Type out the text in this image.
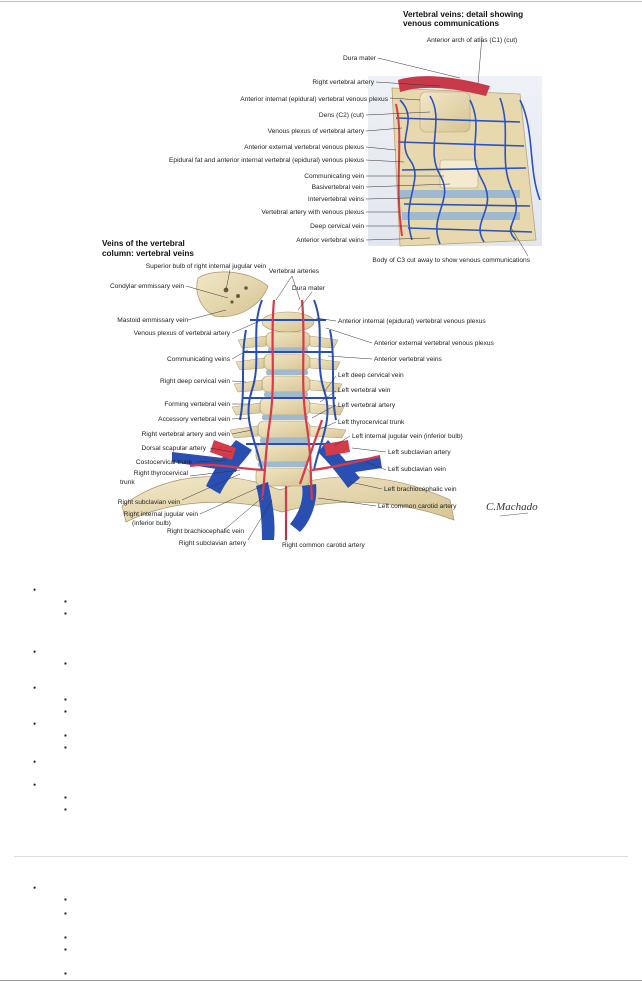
Vertebral veins: detail showing
venous communications
Anterior arch of atlas (C1) (cut)
Dura mater
Right vertebral artery
Anterior internal (epidural) vertebral venous plexus
Dens (C2) (cut)
Venous plexus of vertebral artery
Anterior external vertebral venous plexus
Epidural fat and anterior internal vertebral (epidural) venous plexus
Communicating vein
Basivertebral vein
Intervertebral veins
Vertebral artery with venous plexus
Deep cervical vein
Anterior vertebral veins
Body of C3 cut away to show venous communications
Veins of the vertebral
column: vertebral veins
C.Machado
Superior bulb of right internal jugular vein
Condylar emmissary vein
Mastoid emmissary vein
Venous plexus of vertebral artery
Communicating veins
Right deep cervical vein
Forming vertebral vein
Accessory vertebral vein
Right vertebral artery and vein
Dorsal scapular artery
Costocervical trunk
Right thyrocervical
trunk
Right subclavian vein
Right internal jugular vein
(inferior bulb)
Right brachiocephalic vein
Right subclavian artery	Right common carotid artery
Vertebral arteries
Dura mater
Anterior internal (epidural) vertebral venous plexus
Anterior external vertebral venous plexus
Anterior vertebral veins
Left deep cervical vein
Left vertebral vein
Left vertebral artery
Left thyrocervical trunk
Left internal jugular vein (inferior bulb)
Left subclavian artery
Left subclavian vein
Left brachiocephalic vein
Left common carotid artery
•
▪
▪
•
▪
•
▪
▪
•
▪
▪
•
•
▪
▪
•
▪
▪
▪
▪
▪
